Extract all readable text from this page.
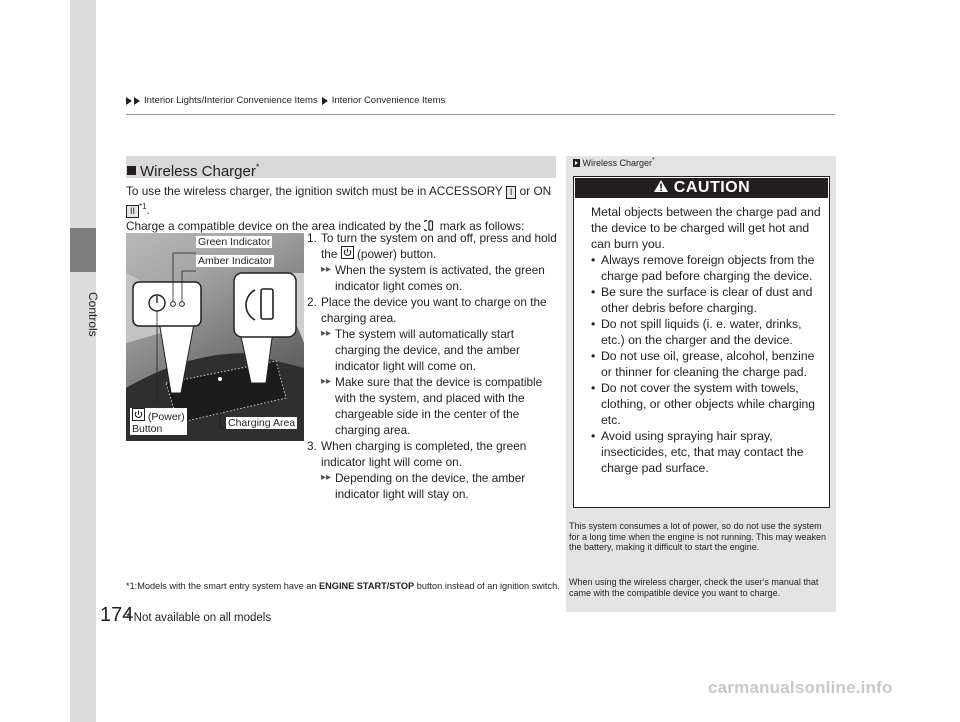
Controls
174
Interior Lights/Interior Convenience Items Interior Convenience Items
Wireless Charger*
To use the wireless charger, the ignition switch must be in ACCESSORY I or ON
II $^{*1}$.
Charge a compatible device on the area indicated by the mark as follows:
Green Indicator
Amber Indicator
Charging Area
(Power)
Button
1. To turn the system on and off, press and hold the (power) button.
▸▸ When the system is activated, the green indicator light comes on.
2. Place the device you want to charge on the charging area.
▸▸ The system will automatically start charging the device, and the amber indicator light will come on.
▸▸ Make sure that the device is compatible with the system, and placed with the chargeable side in the center of the charging area.
3. When charging is completed, the green indicator light will come on.
▸▸ Depending on the device, the amber indicator light will stay on.
*1:Models with the smart entry system have an ENGINE START/STOP button instead of an ignition switch.
* Not available on all models
Wireless Charger*
CAUTION
Metal objects between the charge pad and the device to be charged will get hot and can burn you.
• Always remove foreign objects from the charge pad before charging the device.
• Be sure the surface is clear of dust and other debris before charging.
• Do not spill liquids (i. e. water, drinks, etc.) on the charger and the device.
• Do not use oil, grease, alcohol, benzine or thinner for cleaning the charge pad.
• Do not cover the system with towels, clothing, or other objects while charging etc.
• Avoid using spraying hair spray, insecticides, etc, that may contact the charge pad surface.
This system consumes a lot of power, so do not use the system for a long time when the engine is not running. This may weaken the battery, making it difficult to start the engine.
When using the wireless charger, check the user's manual that came with the compatible device you want to charge.
carmanualsonline.info
